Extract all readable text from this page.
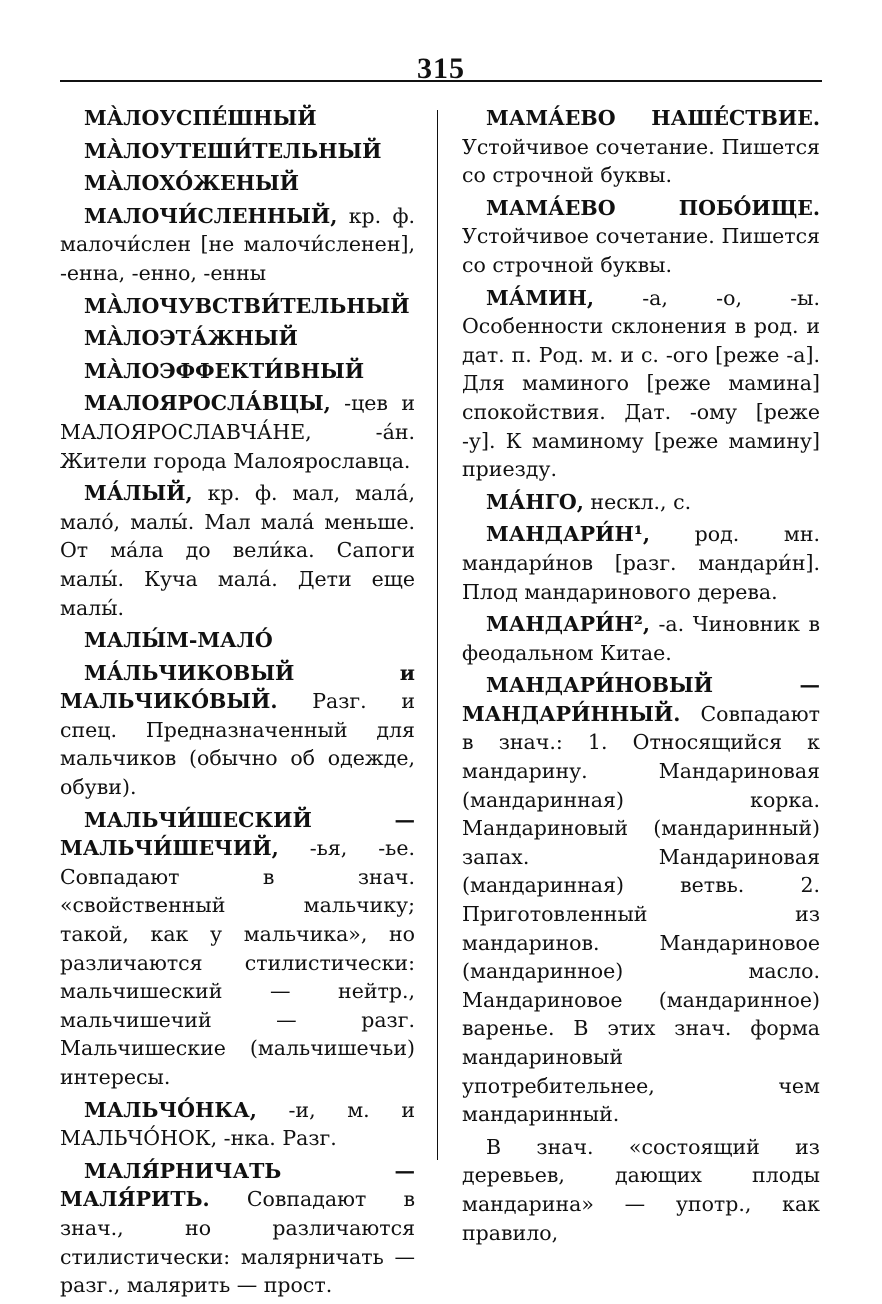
315
МА̀ЛОУСПЕ́ШНЫЙ
МА̀ЛОУТЕШИ́ТЕЛЬНЫЙ
МА̀ЛОХО́ЖЕНЫЙ
МАЛОЧИ́СЛЕННЫЙ, кр. ф. малочи́слен [не малочи́сленен], -енна, -енно, -енны
МА̀ЛОЧУВСТВИ́ТЕЛЬНЫЙ
МА̀ЛОЭТА́ЖНЫЙ
МА̀ЛОЭФФЕКТИ́ВНЫЙ
МАЛОЯРОСЛА́ВЦЫ, -цев и МАЛОЯРОСЛАВЧА́НЕ, -а́н. Жители города Малоярославца.
МА́ЛЫЙ, кр. ф. мал, мала́, мало́, малы́. Мал мала́ меньше. От ма́ла до вели́ка. Сапоги малы́. Куча мала́. Дети еще малы́.
МАЛЫ́М-МАЛО́
МА́ЛЬЧИКОВЫЙ и МАЛЬЧИКО́ВЫЙ. Разг. и спец. Предназначенный для мальчиков (обычно об одежде, обуви).
МАЛЬЧИ́ШЕСКИЙ — МАЛЬЧИ́ШЕЧИЙ, -ья, -ье. Совпадают в знач. «свойственный мальчику; такой, как у мальчика», но различаются стилистически: мальчишеский — нейтр., мальчишечий — разг. Мальчишеские (мальчишечьи) интересы.
МАЛЬЧО́НКА, -и, м. и МАЛЬЧО́НОК, -нка. Разг.
МАЛЯ́РНИЧАТЬ — МАЛЯ́РИТЬ. Совпадают в знач., но различаются стилистически: малярничать — разг., малярить — прост.
МАМА́ЕВО НАШЕ́СТВИЕ. Устойчивое сочетание. Пишется со строчной буквы.
МАМА́ЕВО ПОБО́ИЩЕ. Устойчивое сочетание. Пишется со строчной буквы.
МА́МИН, -а, -о, -ы. Особенности склонения в род. и дат. п. Род. м. и с. -ого [реже -а]. Для маминого [реже мамина] спокойствия. Дат. -ому [реже -у]. К маминому [реже мамину] приезду.
МА́НГО, нескл., с.
МАНДАРИ́Н¹, род. мн. мандари́нов [разг. мандари́н]. Плод мандаринового дерева.
МАНДАРИ́Н², -а. Чиновник в феодальном Китае.
МАНДАРИ́НОВЫЙ — МАНДАРИ́ННЫЙ. Совпадают в знач.: 1. Относящийся к мандарину. Мандариновая (мандаринная) корка. Мандариновый (мандаринный) запах. Мандариновая (мандаринная) ветвь. 2. Приготовленный из мандаринов. Мандариновое (мандаринное) масло. Мандариновое (мандаринное) варенье. В этих знач. форма мандариновый употребительнее, чем мандаринный.
В знач. «состоящий из деревьев, дающих плоды мандарина» — употр., как правило,
